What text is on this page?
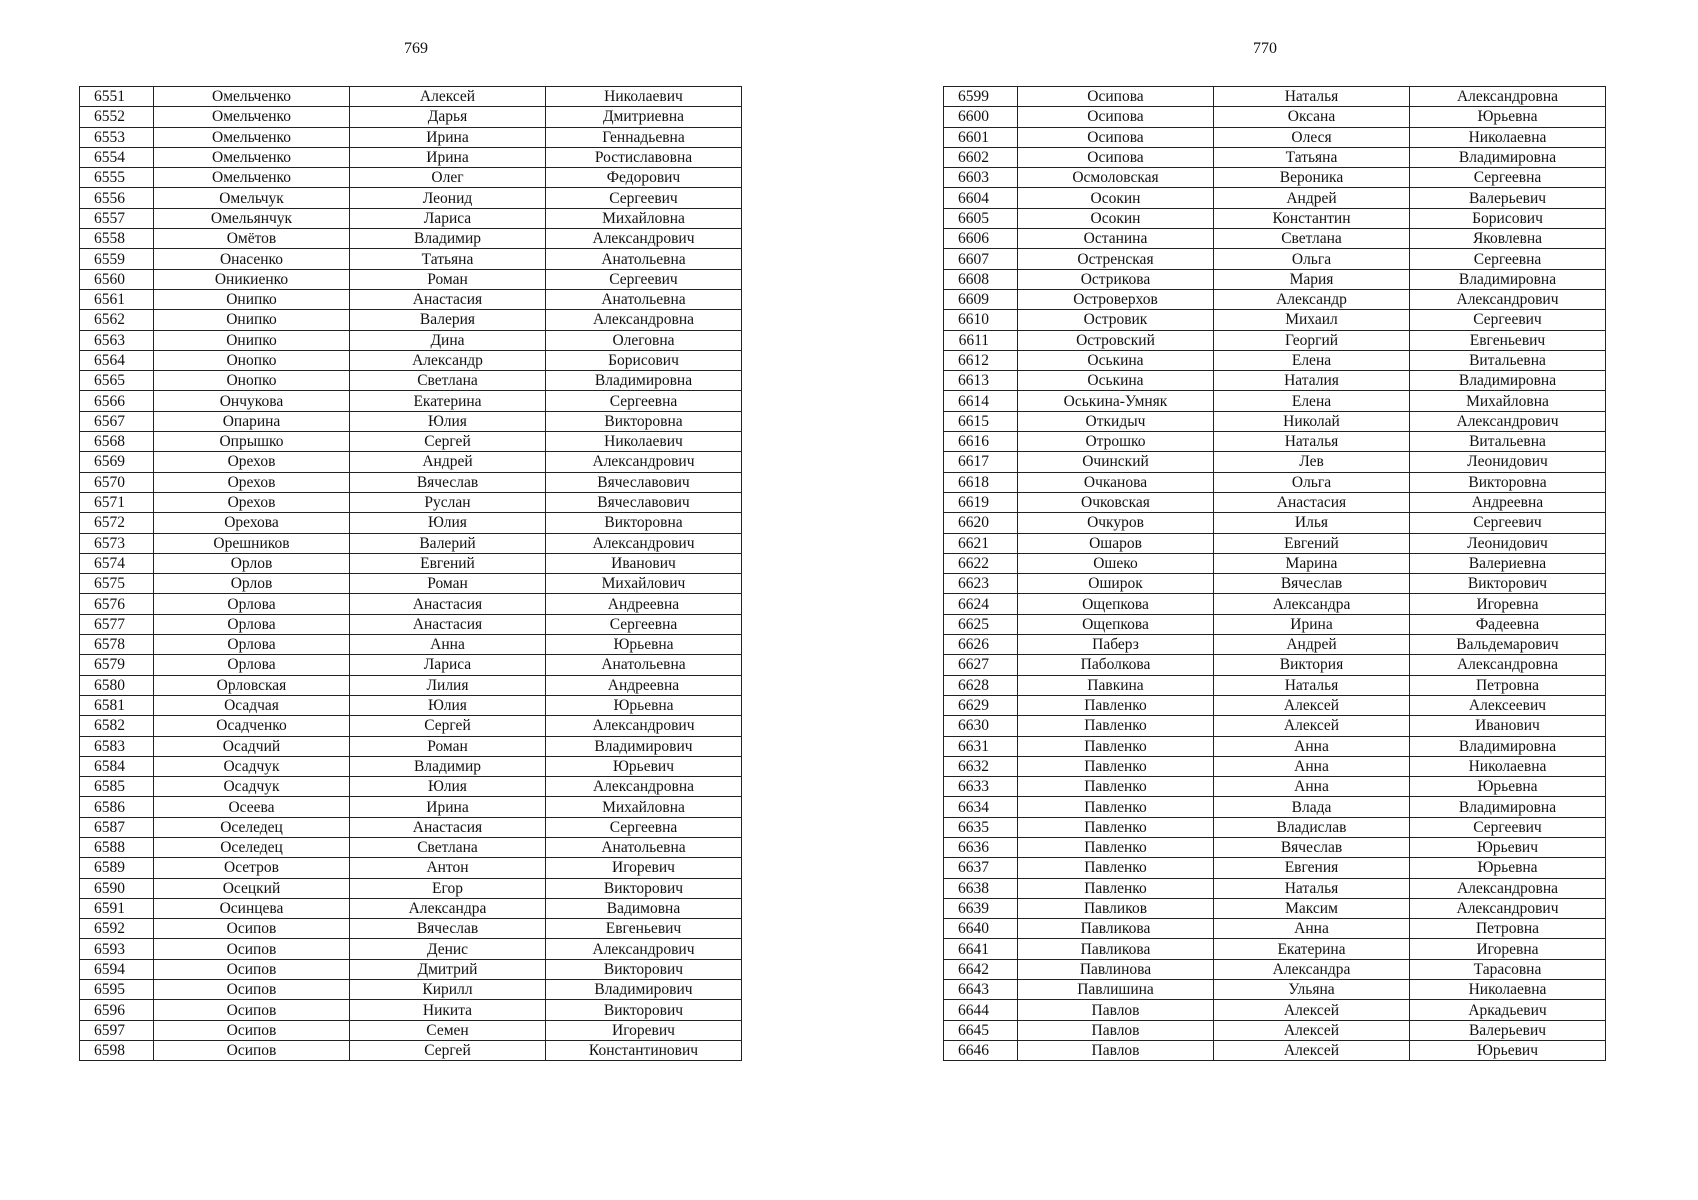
769
6551	Омельченко	Алексей	Николаевич
6552	Омельченко	Дарья	Дмитриевна
6553	Омельченко	Ирина	Геннадьевна
6554	Омельченко	Ирина	Ростиславовна
6555	Омельченко	Олег	Федорович
6556	Омельчук	Леонид	Сергеевич
6557	Омельянчук	Лариса	Михайловна
6558	Омётов	Владимир	Александрович
6559	Онасенко	Татьяна	Анатольевна
6560	Оникиенко	Роман	Сергеевич
6561	Онипко	Анастасия	Анатольевна
6562	Онипко	Валерия	Александровна
6563	Онипко	Дина	Олеговна
6564	Онопко	Александр	Борисович
6565	Онопко	Светлана	Владимировна
6566	Ончукова	Екатерина	Сергеевна
6567	Опарина	Юлия	Викторовна
6568	Опрышко	Сергей	Николаевич
6569	Орехов	Андрей	Александрович
6570	Орехов	Вячеслав	Вячеславович
6571	Орехов	Руслан	Вячеславович
6572	Орехова	Юлия	Викторовна
6573	Орешников	Валерий	Александрович
6574	Орлов	Евгений	Иванович
6575	Орлов	Роман	Михайлович
6576	Орлова	Анастасия	Андреевна
6577	Орлова	Анастасия	Сергеевна
6578	Орлова	Анна	Юрьевна
6579	Орлова	Лариса	Анатольевна
6580	Орловская	Лилия	Андреевна
6581	Осадчая	Юлия	Юрьевна
6582	Осадченко	Сергей	Александрович
6583	Осадчий	Роман	Владимирович
6584	Осадчук	Владимир	Юрьевич
6585	Осадчук	Юлия	Александровна
6586	Осеева	Ирина	Михайловна
6587	Оселедец	Анастасия	Сергеевна
6588	Оселедец	Светлана	Анатольевна
6589	Осетров	Антон	Игоревич
6590	Осецкий	Егор	Викторович
6591	Осинцева	Александра	Вадимовна
6592	Осипов	Вячеслав	Евгеньевич
6593	Осипов	Денис	Александрович
6594	Осипов	Дмитрий	Викторович
6595	Осипов	Кирилл	Владимирович
6596	Осипов	Никита	Викторович
6597	Осипов	Семен	Игоревич
6598	Осипов	Сергей	Константинович
770
6599	Осипова	Наталья	Александровна
6600	Осипова	Оксана	Юрьевна
6601	Осипова	Олеся	Николаевна
6602	Осипова	Татьяна	Владимировна
6603	Осмоловская	Вероника	Сергеевна
6604	Осокин	Андрей	Валерьевич
6605	Осокин	Константин	Борисович
6606	Останина	Светлана	Яковлевна
6607	Остренская	Ольга	Сергеевна
6608	Острикова	Мария	Владимировна
6609	Островерхов	Александр	Александрович
6610	Островик	Михаил	Сергеевич
6611	Островский	Георгий	Евгеньевич
6612	Оськина	Елена	Витальевна
6613	Оськина	Наталия	Владимировна
6614	Оськина-Умняк	Елена	Михайловна
6615	Откидыч	Николай	Александрович
6616	Отрошко	Наталья	Витальевна
6617	Очинский	Лев	Леонидович
6618	Очканова	Ольга	Викторовна
6619	Очковская	Анастасия	Андреевна
6620	Очкуров	Илья	Сергеевич
6621	Ошаров	Евгений	Леонидович
6622	Ошеко	Марина	Валериевна
6623	Оширок	Вячеслав	Викторович
6624	Ощепкова	Александра	Игоревна
6625	Ощепкова	Ирина	Фадеевна
6626	Паберз	Андрей	Вальдемарович
6627	Паболкова	Виктория	Александровна
6628	Павкина	Наталья	Петровна
6629	Павленко	Алексей	Алексеевич
6630	Павленко	Алексей	Иванович
6631	Павленко	Анна	Владимировна
6632	Павленко	Анна	Николаевна
6633	Павленко	Анна	Юрьевна
6634	Павленко	Влада	Владимировна
6635	Павленко	Владислав	Сергеевич
6636	Павленко	Вячеслав	Юрьевич
6637	Павленко	Евгения	Юрьевна
6638	Павленко	Наталья	Александровна
6639	Павликов	Максим	Александрович
6640	Павликова	Анна	Петровна
6641	Павликова	Екатерина	Игоревна
6642	Павлинова	Александра	Тарасовна
6643	Павлишина	Ульяна	Николаевна
6644	Павлов	Алексей	Аркадьевич
6645	Павлов	Алексей	Валерьевич
6646	Павлов	Алексей	Юрьевич
